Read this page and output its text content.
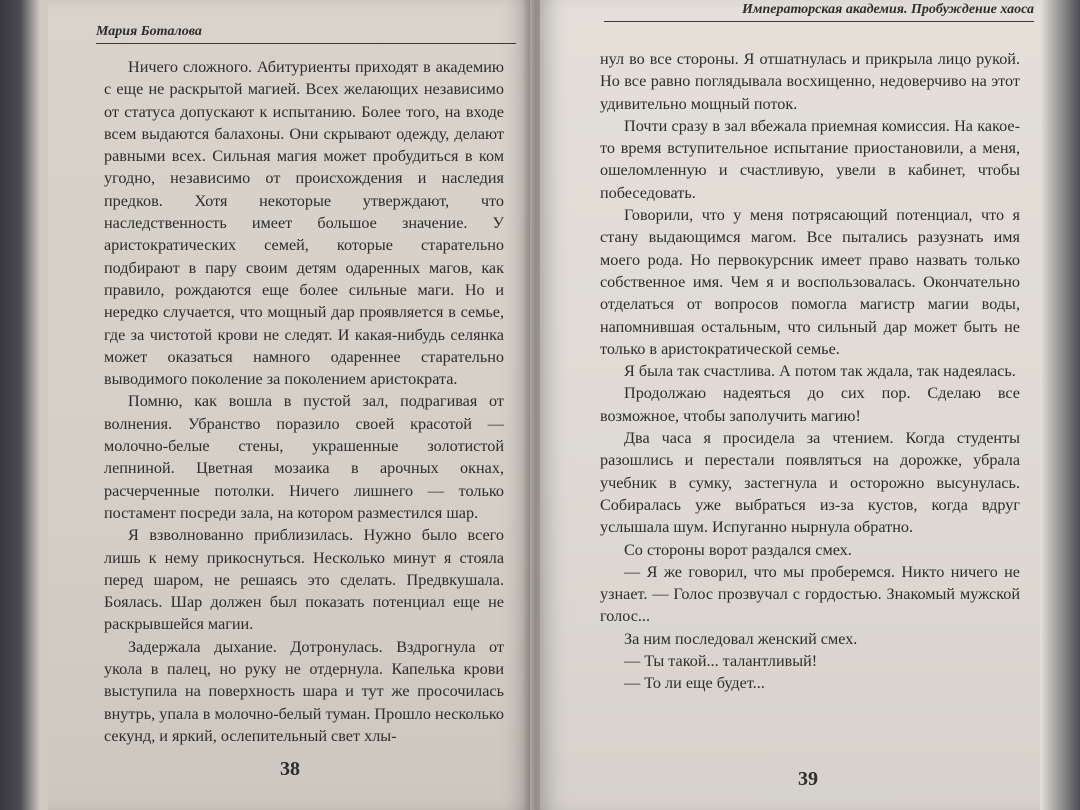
Мария Боталова

Ничего сложного. Абитуриенты приходят в академию с еще не раскрытой магией. Всех желающих независимо от статуса допускают к испытанию. Более того, на входе всем выдаются балахоны. Они скрывают одежду, делают равными всех. Сильная магия может пробудиться в ком угодно, независимо от происхождения и наследия предков. Хотя некоторые утверждают, что наследственность имеет большое значение. У аристократических семей, которые старательно подбирают в пару своим детям одаренных магов, как правило, рождаются еще более сильные маги. Но и нередко случается, что мощный дар проявляется в семье, где за чистотой крови не следят. И какая-нибудь селянка может оказаться намного одареннее старательно выводимого поколение за поколением аристократа.

Помню, как вошла в пустой зал, подрагивая от волнения. Убранство поразило своей красотой — молочно-белые стены, украшенные золотистой лепниной. Цветная мозаика в арочных окнах, расчерченные потолки. Ничего лишнего — только постамент посреди зала, на котором разместился шар.

Я взволнованно приблизилась. Нужно было всего лишь к нему прикоснуться. Несколько минут я стояла перед шаром, не решаясь это сделать. Предвкушала. Боялась. Шар должен был показать потенциал еще не раскрывшейся магии.

Задержала дыхание. Дотронулась. Вздрогнула от укола в палец, но руку не отдернула. Капелька крови выступила на поверхность шара и тут же просочилась внутрь, упала в молочно-белый туман. Прошло несколько секунд, и яркий, ослепительный свет хлы-

38
Императорская академия. Пробуждение хаоса

нул во все стороны. Я отшатнулась и прикрыла лицо рукой. Но все равно поглядывала восхищенно, недоверчиво на этот удивительно мощный поток.

Почти сразу в зал вбежала приемная комиссия. На какое-то время вступительное испытание приостановили, а меня, ошеломленную и счастливую, увели в кабинет, чтобы побеседовать.

Говорили, что у меня потрясающий потенциал, что я стану выдающимся магом. Все пытались разузнать имя моего рода. Но первокурсник имеет право назвать только собственное имя. Чем я и воспользовалась. Окончательно отделаться от вопросов помогла магистр магии воды, напомнившая остальным, что сильный дар может быть не только в аристократической семье.

Я была так счастлива. А потом так ждала, так надеялась.

Продолжаю надеяться до сих пор. Сделаю все возможное, чтобы заполучить магию!

Два часа я просидела за чтением. Когда студенты разошлись и перестали появляться на дорожке, убрала учебник в сумку, застегнула и осторожно высунулась. Собиралась уже выбраться из-за кустов, когда вдруг услышала шум. Испуганно нырнула обратно.

Со стороны ворот раздался смех.

— Я же говорил, что мы проберемся. Никто ничего не узнает. — Голос прозвучал с гордостью. Знакомый мужской голос...

За ним последовал женский смех.

— Ты такой... талантливый!

— То ли еще будет...

39
